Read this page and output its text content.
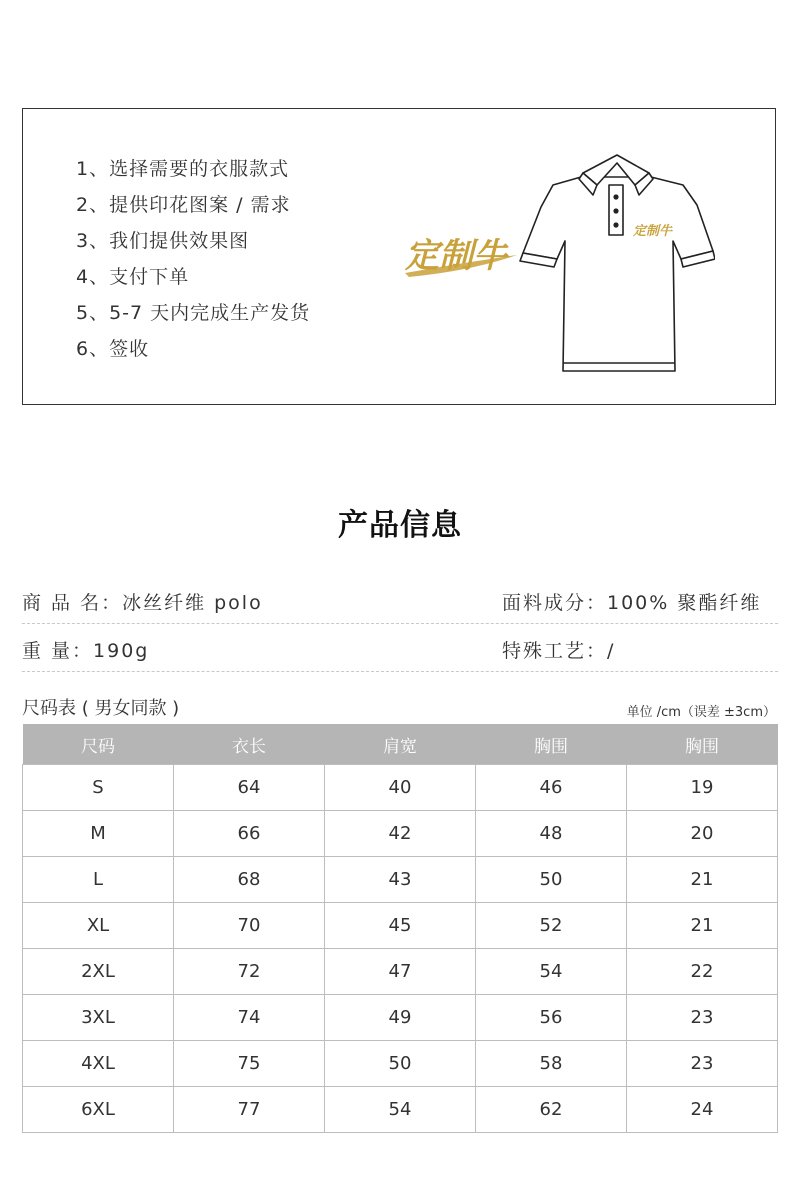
1、选择需要的衣服款式
2、提供印花图案 / 需求
3、我们提供效果图
4、支付下单
5、5-7 天内完成生产发货
6、签收
定制牛
定制牛
产品信息
商 品 名：冰丝纤维 polo	面料成分：100% 聚酯纤维
重 量：190g	特殊工艺：/
尺码表 ( 男女同款 )	单位 /cm（误差 ±3cm）
尺码	衣长	肩宽	胸围	胸围
S	64	40	46	19
M	66	42	48	20
L	68	43	50	21
XL	70	45	52	21
2XL	72	47	54	22
3XL	74	49	56	23
4XL	75	50	58	23
6XL	77	54	62	24
